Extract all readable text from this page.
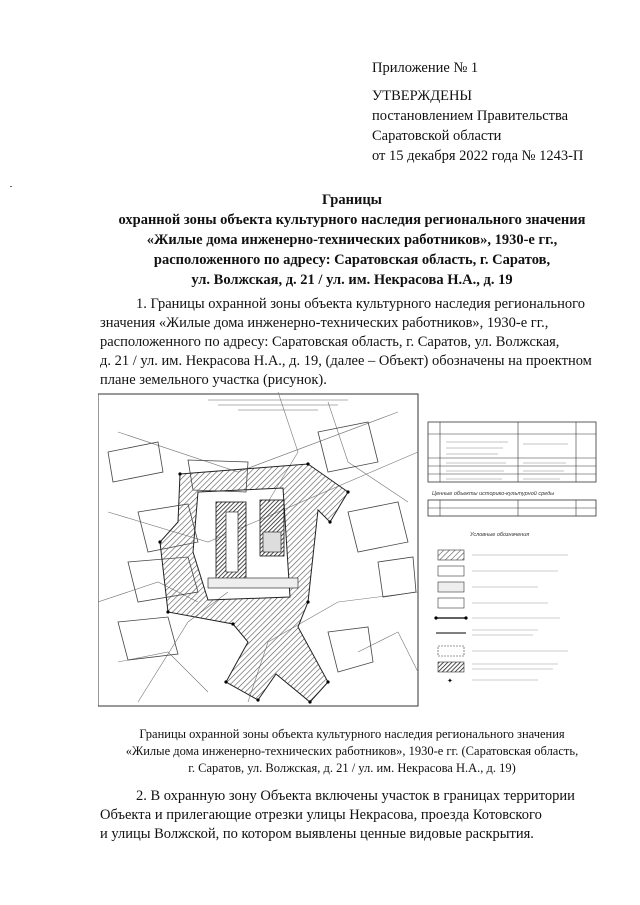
Приложение № 1
УТВЕРЖДЕНЫ
постановлением Правительства
Саратовской области
от 15 декабря 2022 года № 1243-П
Границы
охранной зоны объекта культурного наследия регионального значения
«Жилые дома инженерно-технических работников», 1930-е гг.,
расположенного по адресу: Саратовская область, г. Саратов,
ул. Волжская, д. 21 / ул. им. Некрасова Н.А., д. 19
1. Границы охранной зоны объекта культурного наследия регионального
значения «Жилые дома инженерно-технических работников», 1930-е гг.,
расположенного по адресу: Саратовская область, г. Саратов, ул. Волжская,
д. 21 / ул. им. Некрасова Н.А., д. 19, (далее – Объект) обозначены на проектном
плане земельного участка (рисунок).
Ценные объекты историко-культурной среды
Условные обозначения
✦
Границы охранной зоны объекта культурного наследия регионального значения
«Жилые дома инженерно-технических работников», 1930-е гг. (Саратовская область,
г. Саратов, ул. Волжская, д. 21 / ул. им. Некрасова Н.А., д. 19)
2. В охранную зону Объекта включены участок в границах территории
Объекта и прилегающие отрезки улицы Некрасова, проезда Котовского
и улицы Волжской, по котором выявлены ценные видовые раскрытия.
